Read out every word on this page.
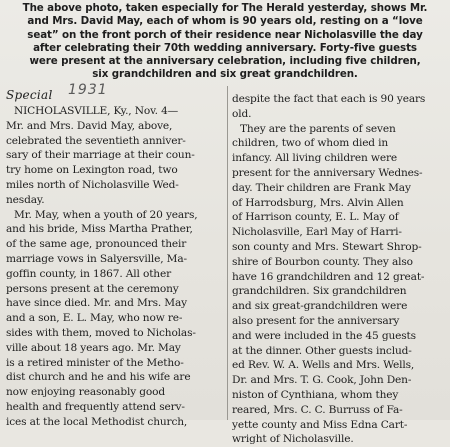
The above photo, taken especially for The Herald yesterday, shows Mr.
and Mrs. David May, each of whom is 90 years old, resting on a “love
seat” on the front porch of their residence near Nicholasville the day
after celebrating their 70th wedding anniversary. Forty-five guests
were present at the anniversary celebration, including five children,
six grandchildren and six great grandchildren.
Special 1931
NICHOLASVILLE, Ky., Nov. 4—
Mr. and Mrs. David May, above,
celebrated the seventieth anniver-
sary of their marriage at their coun-
try home on Lexington road, two
miles north of Nicholasville Wed-
nesday.
Mr. May, when a youth of 20 years,
and his bride, Miss Martha Prather,
of the same age, pronounced their
marriage vows in Salyersville, Ma-
goffin county, in 1867. All other
persons present at the ceremony
have since died. Mr. and Mrs. May
and a son, E. L. May, who now re-
sides with them, moved to Nicholas-
ville about 18 years ago. Mr. May
is a retired minister of the Metho-
dist church and he and his wife are
now enjoying reasonably good
health and frequently attend serv-
ices at the local Methodist church,
despite the fact that each is 90 years
old.
They are the parents of seven
children, two of whom died in
infancy. All living children were
present for the anniversary Wednes-
day. Their children are Frank May
of Harrodsburg, Mrs. Alvin Allen
of Harrison county, E. L. May of
Nicholasville, Earl May of Harri-
son county and Mrs. Stewart Shrop-
shire of Bourbon county. They also
have 16 grandchildren and 12 great-
grandchildren. Six grandchildren
and six great-grandchildren were
also present for the anniversary
and were included in the 45 guests
at the dinner. Other guests includ-
ed Rev. W. A. Wells and Mrs. Wells,
Dr. and Mrs. T. G. Cook, John Den-
niston of Cynthiana, whom they
reared, Mrs. C. C. Burruss of Fa-
yette county and Miss Edna Cart-
wright of Nicholasville.
